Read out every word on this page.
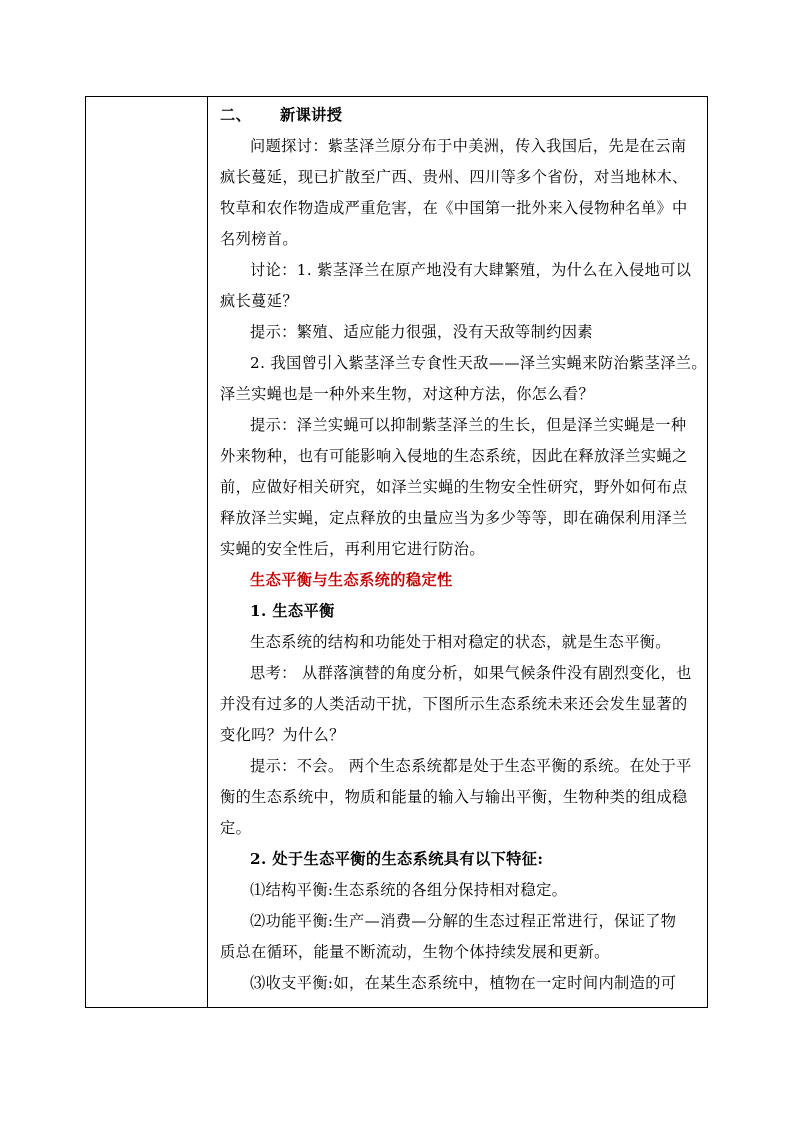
二、 新课讲授
问题探讨：紫茎泽兰原分布于中美洲，传入我国后，先是在云南
疯长蔓延，现已扩散至广西、贵州、四川等多个省份，对当地林木、
牧草和农作物造成严重危害，在《中国第一批外来入侵物种名单》中
名列榜首。
讨论：1. 紫茎泽兰在原产地没有大肆繁殖，为什么在入侵地可以
疯长蔓延？
提示：繁殖、适应能力很强，没有天敌等制约因素
2. 我国曾引入紫茎泽兰专食性天敌——泽兰实蝇来防治紫茎泽兰。
泽兰实蝇也是一种外来生物，对这种方法，你怎么看？
提示：泽兰实蝇可以抑制紫茎泽兰的生长，但是泽兰实蝇是一种
外来物种，也有可能影响入侵地的生态系统，因此在释放泽兰实蝇之
前，应做好相关研究，如泽兰实蝇的生物安全性研究，野外如何布点
释放泽兰实蝇，定点释放的虫量应当为多少等等，即在确保利用泽兰
实蝇的安全性后，再利用它进行防治。
生态平衡与生态系统的稳定性
1. 生态平衡
生态系统的结构和功能处于相对稳定的状态，就是生态平衡。
思考： 从群落演替的角度分析，如果气候条件没有剧烈变化，也
并没有过多的人类活动干扰，下图所示生态系统未来还会发生显著的
变化吗？为什么？
提示：不会。 两个生态系统都是处于生态平衡的系统。在处于平
衡的生态系统中，物质和能量的输入与输出平衡，生物种类的组成稳
定。
2. 处于生态平衡的生态系统具有以下特征:
⑴结构平衡:生态系统的各组分保持相对稳定。
⑵功能平衡:生产—消费—分解的生态过程正常进行，保证了物
质总在循环，能量不断流动，生物个体持续发展和更新。
⑶收支平衡:如，在某生态系统中，植物在一定时间内制造的可
